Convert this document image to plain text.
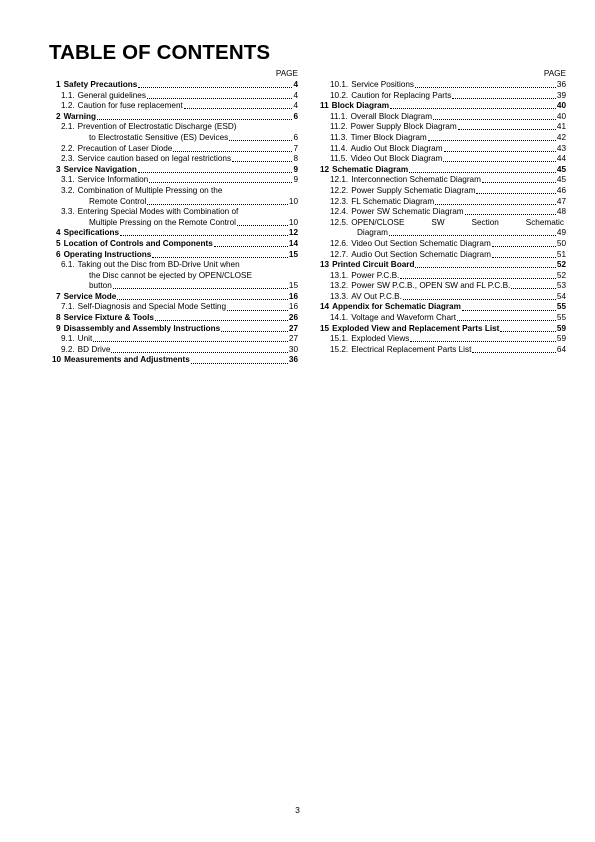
TABLE OF CONTENTS
PAGE
1 Safety Precautions	4
1.1. General guidelines	4
1.2. Caution for fuse replacement	4
2 Warning	6
2.1. Prevention of Electrostatic Discharge (ESD)
to Electrostatic Sensitive (ES) Devices	6
2.2. Precaution of Laser Diode	7
2.3. Service caution based on legal restrictions	8
3 Service Navigation	9
3.1. Service Information	9
3.2. Combination of Multiple Pressing on the
Remote Control	10
3.3. Entering Special Modes with Combination of
Multiple Pressing on the Remote Control	10
4 Specifications	12
5 Location of Controls and Components	14
6 Operating Instructions	15
6.1. Taking out the Disc from BD-Drive Unit when
the Disc cannot be ejected by OPEN/CLOSE
button	15
7 Service Mode	16
7.1. Self-Diagnosis and Special Mode Setting	16
8 Service Fixture & Tools	26
9 Disassembly and Assembly Instructions	27
9.1. Unit	27
9.2. BD Drive	30
10 Measurements and Adjustments	36
PAGE
10.1. Service Positions	36
10.2. Caution for Replacing Parts	39
11 Block Diagram	40
11.1. Overall Block Diagram	40
11.2. Power Supply Block Diagram	41
11.3. Timer Block Diagram	42
11.4. Audio Out Block Diagram	43
11.5. Video Out Block Diagram	44
12 Schematic Diagram	45
12.1. Interconnection Schematic Diagram	45
12.2. Power Supply Schematic Diagram	46
12.3. FL Schematic Diagram	47
12.4. Power SW Schematic Diagram	48
12.5. OPEN/CLOSE	SW	Section	Schematic
Diagram	49
12.6. Video Out Section Schematic Diagram	50
12.7. Audio Out Section Schematic Diagram	51
13 Printed Circuit Board	52
13.1. Power P.C.B.	52
13.2. Power SW P.C.B., OPEN SW and FL P.C.B.	53
13.3. AV Out P.C.B.	54
14 Appendix for Schematic Diagram	55
14.1. Voltage and Waveform Chart	55
15 Exploded View and Replacement Parts List	59
15.1. Exploded Views	59
15.2. Electrical Replacement Parts List	64
3
